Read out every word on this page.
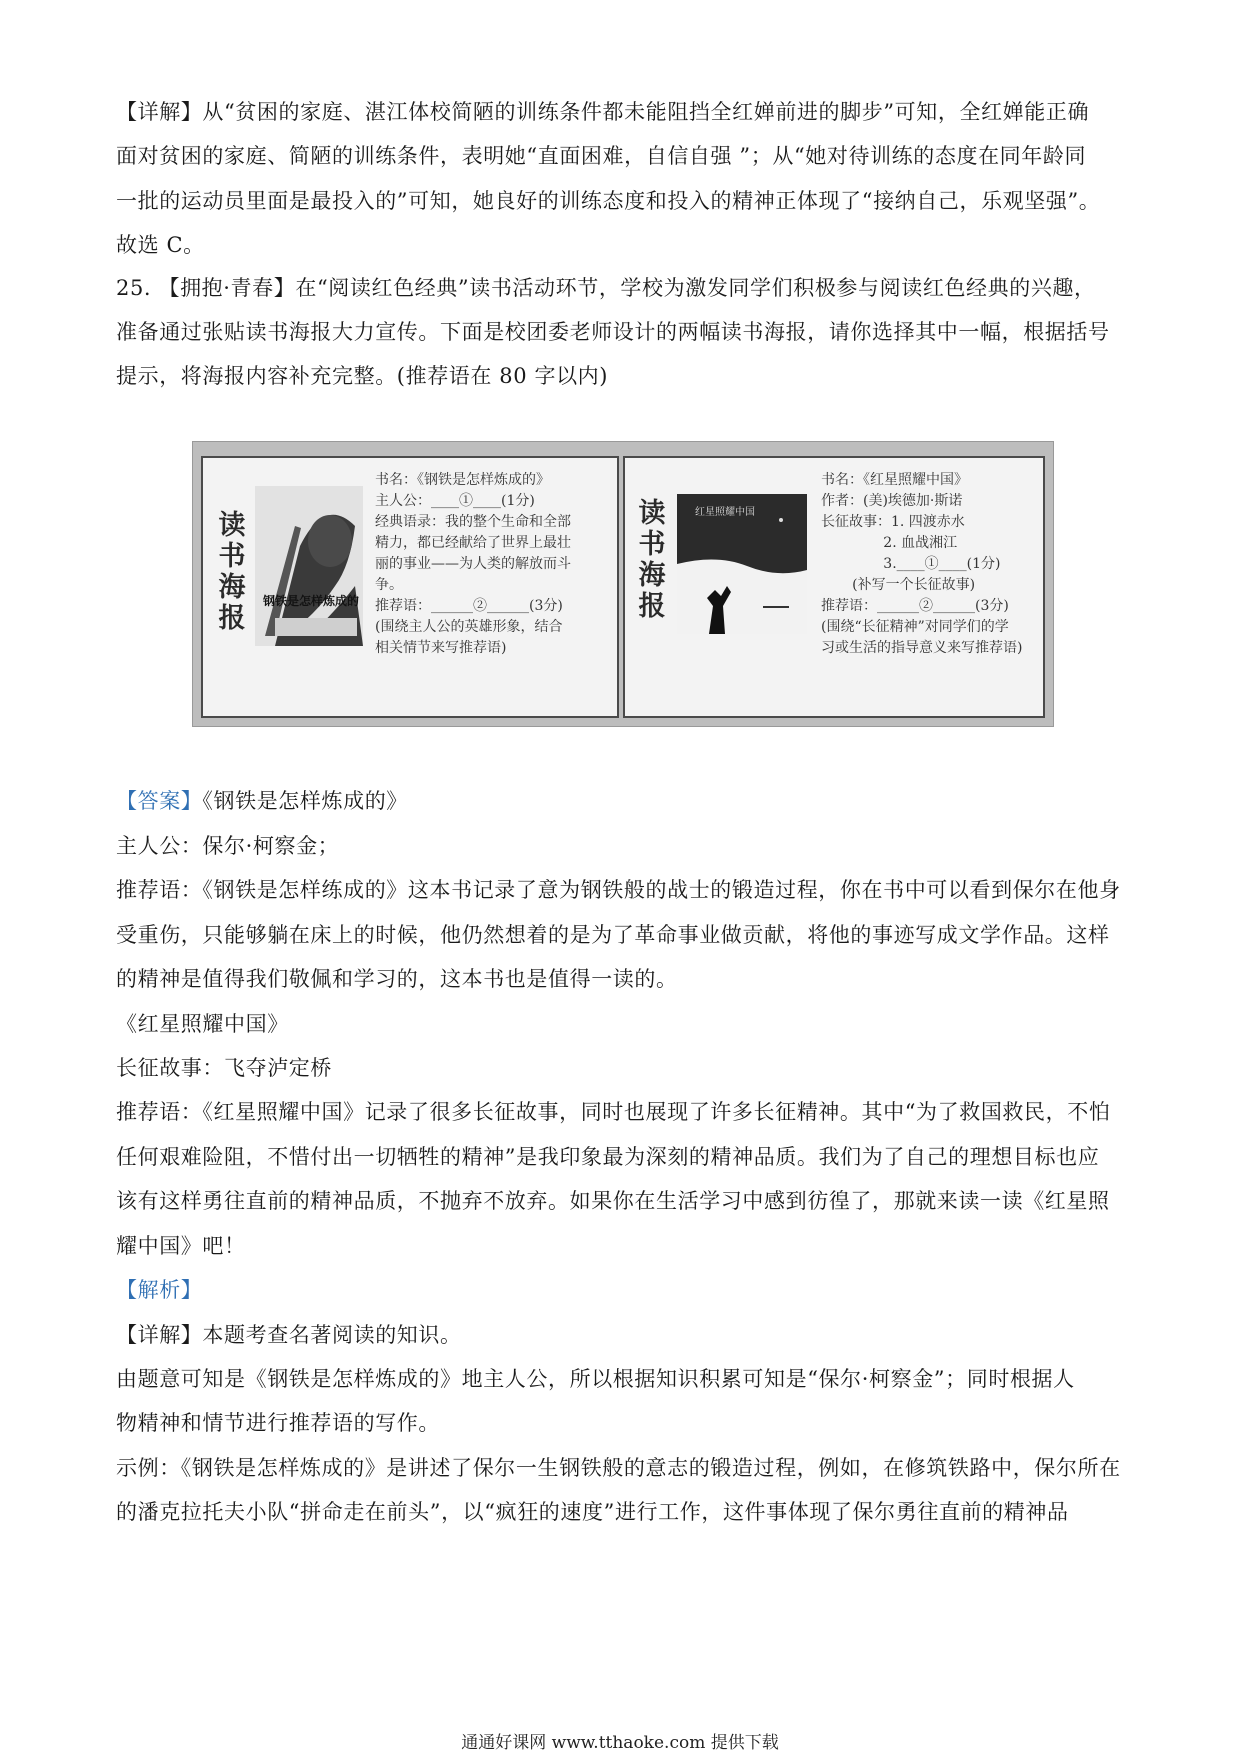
【详解】从“贫困的家庭、湛江体校简陋的训练条件都未能阻挡全红婵前进的脚步”可知，全红婵能正确
面对贫困的家庭、简陋的训练条件，表明她“直面困难，自信自强 ”；从“她对待训练的态度在同年龄同
一批的运动员里面是最投入的”可知，她良好的训练态度和投入的精神正体现了“接纳自己，乐观坚强”。
故选 C。
25. 【拥抱·青春】在“阅读红色经典”读书活动环节，学校为激发同学们积极参与阅读红色经典的兴趣，
准备通过张贴读书海报大力宣传。下面是校团委老师设计的两幅读书海报，请你选择其中一幅，根据括号
提示，将海报内容补充完整。(推荐语在 80 字以内)
读
书
海
报
钢铁是怎样炼成的
书名：《钢铁是怎样炼成的》
主人公：____①____(1分)
经典语录：我的整个生命和全部
精力，都已经献给了世界上最壮
丽的事业——为人类的解放而斗
争。
推荐语：______②______(3分)
(围绕主人公的英雄形象，结合
相关情节来写推荐语)
读
书
海
报
红星照耀中国
书名：《红星照耀中国》
作者：(美)埃德加·斯诺
长征故事：1. 四渡赤水
2. 血战湘江
3.____①____(1分)
(补写一个长征故事)
推荐语：______②______(3分)
(围绕“长征精神”对同学们的学
习或生活的指导意义来写推荐语)
【答案】《钢铁是怎样炼成的》
主人公：保尔·柯察金；
推荐语：《钢铁是怎样练成的》这本书记录了意为钢铁般的战士的锻造过程，你在书中可以看到保尔在他身
受重伤，只能够躺在床上的时候，他仍然想着的是为了革命事业做贡献，将他的事迹写成文学作品。这样
的精神是值得我们敬佩和学习的，这本书也是值得一读的。
《红星照耀中国》
长征故事：飞夺泸定桥
推荐语：《红星照耀中国》记录了很多长征故事，同时也展现了许多长征精神。其中“为了救国救民，不怕
任何艰难险阻，不惜付出一切牺牲的精神”是我印象最为深刻的精神品质。我们为了自己的理想目标也应
该有这样勇往直前的精神品质，不抛弃不放弃。如果你在生活学习中感到彷徨了，那就来读一读《红星照
耀中国》吧！
【解析】
【详解】本题考查名著阅读的知识。
由题意可知是《钢铁是怎样炼成的》地主人公，所以根据知识积累可知是“保尔·柯察金”；同时根据人
物精神和情节进行推荐语的写作。
示例：《钢铁是怎样炼成的》是讲述了保尔一生钢铁般的意志的锻造过程，例如，在修筑铁路中，保尔所在
的潘克拉托夫小队“拼命走在前头”，以“疯狂的速度”进行工作，这件事体现了保尔勇往直前的精神品
通通好课网 www.tthaoke.com 提供下载
